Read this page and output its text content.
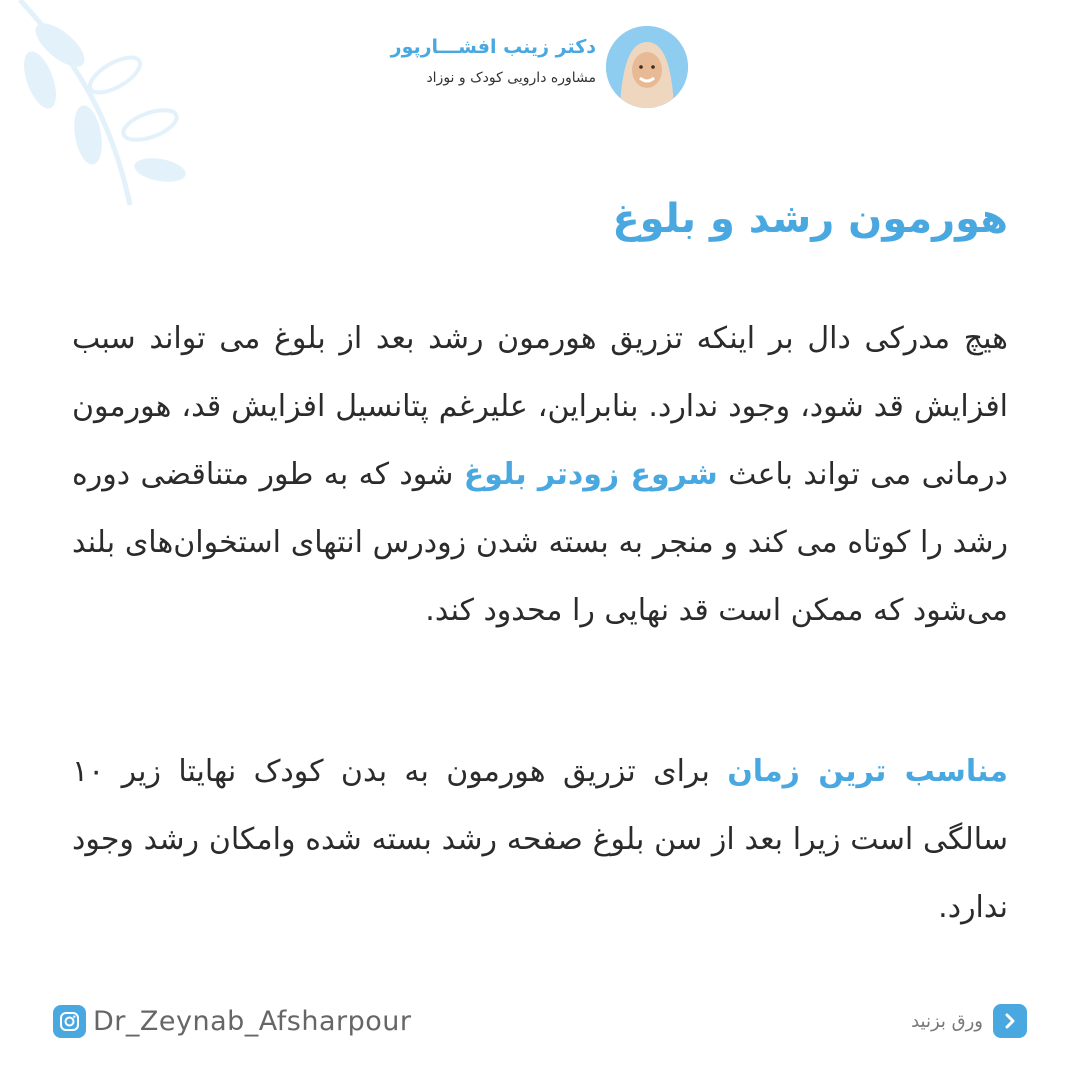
دکتر زینب افشـــارپور
مشاوره دارویی کودک و نوزاد
هورمون رشد و بلوغ
هیچ مدرکی دال بر اینکه تزریق هورمون رشد بعد از بلوغ می تواند سبب افزایش قد شود، وجود ندارد. بنابراین، علیرغم پتانسیل افزایش قد، هورمون درمانی می تواند باعث شروع زودتر بلوغ شود که به طور متناقضی دوره رشد را کوتاه می کند و منجر به بسته شدن زودرس انتهای استخوان‌های بلند می‌شود که ممکن است قد نهایی را محدود کند.
مناسب ترین زمان برای تزریق هورمون به بدن کودک نهایتا زیر ۱۰ سالگی است زیرا بعد از سن بلوغ صفحه رشد بسته شده وامکان رشد وجود ندارد.
Dr_Zeynab_Afsharpour	ورق بزنید
